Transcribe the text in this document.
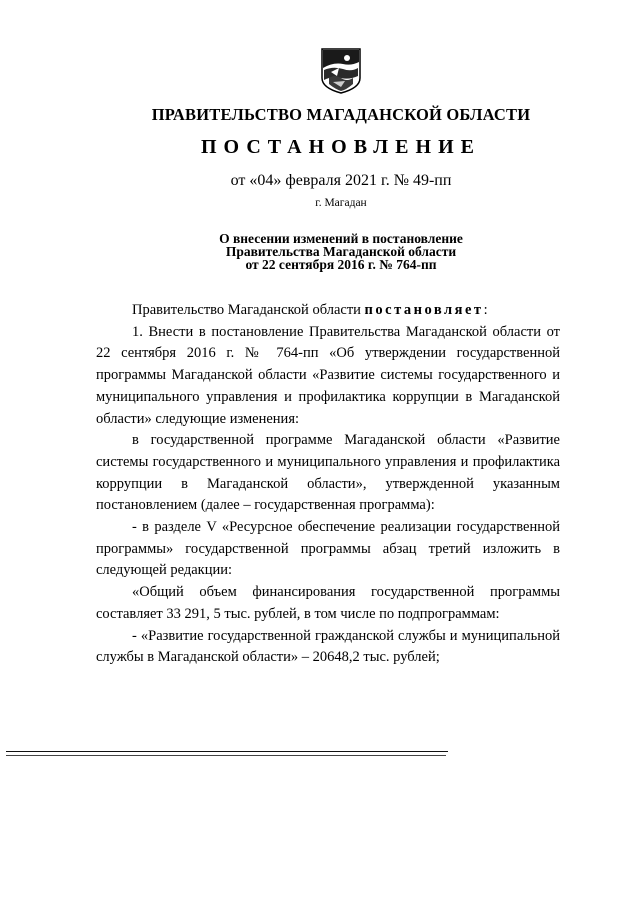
ПРАВИТЕЛЬСТВО МАГАДАНСКОЙ ОБЛАСТИ
ПОСТАНОВЛЕНИЕ
от «04» февраля 2021 г. № 49-пп
г. Магадан
О внесении изменений в постановление
Правительства Магаданской области
от 22 сентября 2016 г. № 764-пп

Правительство Магаданской области постановляет:

1. Внести в постановление Правительства Магаданской области от 22 сентября 2016 г. № 764-пп «Об утверждении государственной программы Магаданской области «Развитие системы государственного и муниципального управления и профилактика коррупции в Магаданской области» следующие изменения:

в государственной программе Магаданской области «Развитие системы государственного и муниципального управления и профилактика коррупции в Магаданской области», утвержденной указанным постановлением (далее – государственная программа):

- в разделе V «Ресурсное обеспечение реализации государственной программы» государственной программы абзац третий изложить в следующей редакции:

«Общий объем финансирования государственной программы составляет 33 291, 5 тыс. рублей, в том числе по подпрограммам:

- «Развитие государственной гражданской службы и муниципальной службы в Магаданской области» – 20648,2 тыс. рублей;
